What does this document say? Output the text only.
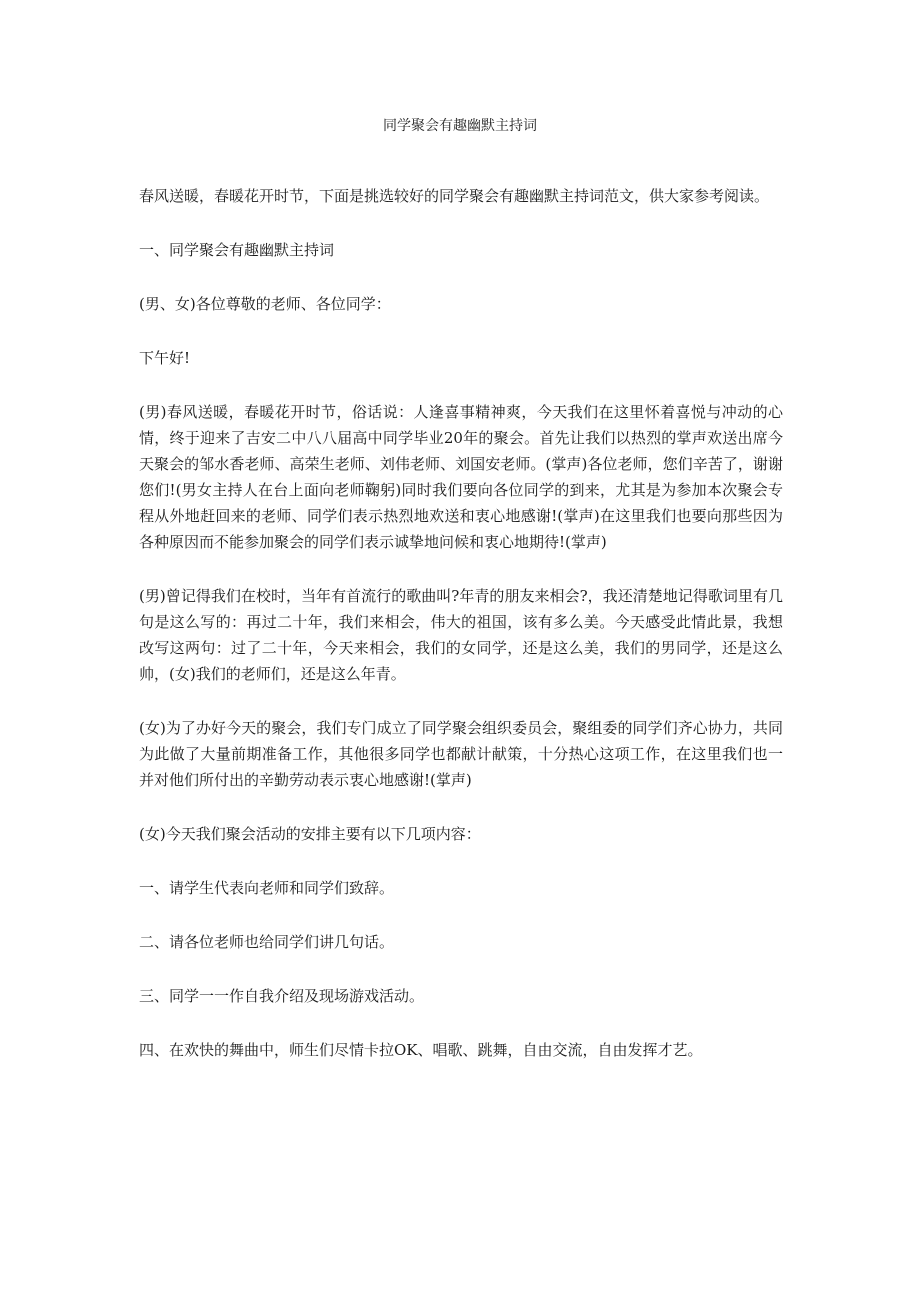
同学聚会有趣幽默主持词

春风送暖，春暖花开时节，下面是挑选较好的同学聚会有趣幽默主持词范文，供大家参考阅读。

一、同学聚会有趣幽默主持词

(男、女)各位尊敬的老师、各位同学：

下午好!

(男)春风送暖，春暖花开时节，俗话说：人逢喜事精神爽，今天我们在这里怀着喜悦与冲动的心情，终于迎来了吉安二中八八届高中同学毕业20年的聚会。首先让我们以热烈的掌声欢送出席今天聚会的邹水香老师、高荣生老师、刘伟老师、刘国安老师。(掌声)各位老师，您们辛苦了，谢谢您们!(男女主持人在台上面向老师鞠躬)同时我们要向各位同学的到来，尤其是为参加本次聚会专程从外地赶回来的老师、同学们表示热烈地欢送和衷心地感谢!(掌声)在这里我们也要向那些因为各种原因而不能参加聚会的同学们表示诚挚地问候和衷心地期待!(掌声)

(男)曾记得我们在校时，当年有首流行的歌曲叫?年青的朋友来相会?，我还清楚地记得歌词里有几句是这么写的：再过二十年，我们来相会，伟大的祖国，该有多么美。今天感受此情此景，我想改写这两句：过了二十年，今天来相会，我们的女同学，还是这么美，我们的男同学，还是这么帅，(女)我们的老师们，还是这么年青。

(女)为了办好今天的聚会，我们专门成立了同学聚会组织委员会，聚组委的同学们齐心协力，共同为此做了大量前期准备工作，其他很多同学也都献计献策，十分热心这项工作，在这里我们也一并对他们所付出的辛勤劳动表示衷心地感谢!(掌声)

(女)今天我们聚会活动的安排主要有以下几项内容：

一、请学生代表向老师和同学们致辞。

二、请各位老师也给同学们讲几句话。

三、同学一一作自我介绍及现场游戏活动。

四、在欢快的舞曲中，师生们尽情卡拉OK、唱歌、跳舞，自由交流，自由发挥才艺。
